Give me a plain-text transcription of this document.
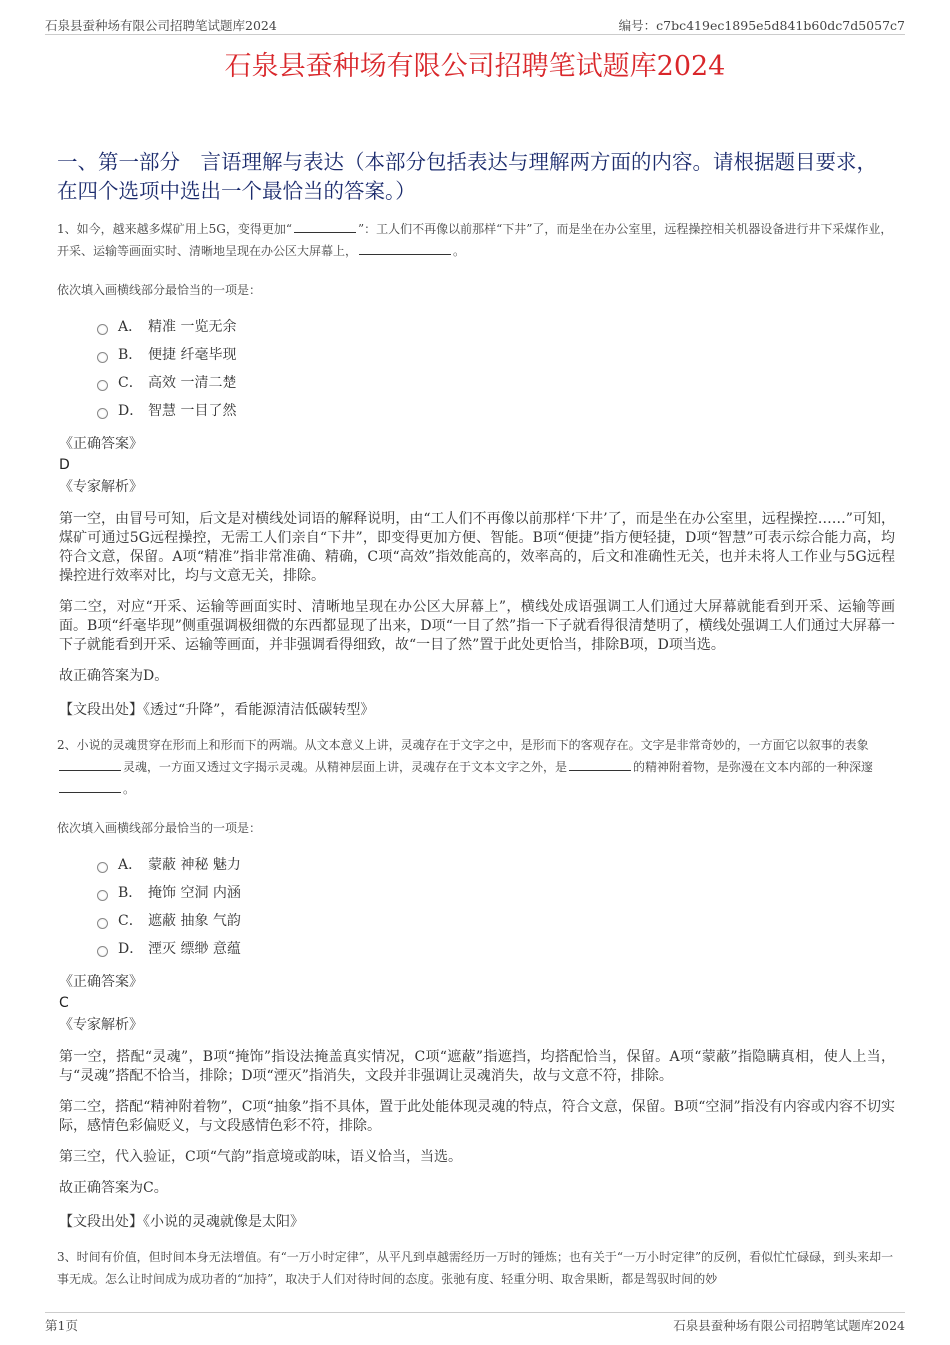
石泉县蚕种场有限公司招聘笔试题库2024	编号：c7bc419ec1895e5d841b60dc7d5057c7
石泉县蚕种场有限公司招聘笔试题库2024
一、第一部分　言语理解与表达（本部分包括表达与理解两方面的内容。请根据题目要求，在四个选项中选出一个最恰当的答案。）
1、如今，越来越多煤矿用上5G，变得更加“	”：工人们不再像以前那样“下井”了，而是坐在办公室里，远程操控相关机器设备进行井下采煤作业，开采、运输等画面实时、清晰地呈现在办公区大屏幕上，	。
依次填入画横线部分最恰当的一项是：
A． 精准 一览无余
B． 便捷 纤毫毕现
C． 高效 一清二楚
D． 智慧 一目了然
《正确答案》
D
《专家解析》
第一空，由冒号可知，后文是对横线处词语的解释说明，由“工人们不再像以前那样‘下井’了，而是坐在办公室里，远程操控……”可知，煤矿可通过5G远程操控，无需工人们亲自“下井”，即变得更加方便、智能。B项“便捷”指方便轻捷，D项“智慧”可表示综合能力高，均符合文意，保留。A项“精准”指非常准确、精确，C项“高效”指效能高的，效率高的，后文和准确性无关，也并未将人工作业与5G远程操控进行效率对比，均与文意无关，排除。
第二空，对应“开采、运输等画面实时、清晰地呈现在办公区大屏幕上”，横线处成语强调工人们通过大屏幕就能看到开采、运输等画面。B项“纤毫毕现”侧重强调极细微的东西都显现了出来，D项“一目了然”指一下子就看得很清楚明了，横线处强调工人们通过大屏幕一下子就能看到开采、运输等画面，并非强调看得细致，故“一目了然”置于此处更恰当，排除B项，D项当选。
故正确答案为D。
【文段出处】《透过“升降”，看能源清洁低碳转型》
2、小说的灵魂贯穿在形而上和形而下的两端。从文本意义上讲，灵魂存在于文字之中，是形而下的客观存在。文字是非常奇妙的，一方面它以叙事的表象灵魂，一方面又透过文字揭示灵魂。从精神层面上讲，灵魂存在于文本文字之外，是	的精神附着物，是弥漫在文本内部的一种深邃。
依次填入画横线部分最恰当的一项是：
A． 蒙蔽 神秘 魅力
B． 掩饰 空洞 内涵
C． 遮蔽 抽象 气韵
D． 湮灭 缥缈 意蕴
《正确答案》
C
《专家解析》
第一空，搭配“灵魂”，B项“掩饰”指设法掩盖真实情况，C项“遮蔽”指遮挡，均搭配恰当，保留。A项“蒙蔽”指隐瞒真相，使人上当，与“灵魂”搭配不恰当，排除；D项“湮灭”指消失，文段并非强调让灵魂消失，故与文意不符，排除。
第二空，搭配“精神附着物”，C项“抽象”指不具体，置于此处能体现灵魂的特点，符合文意，保留。B项“空洞”指没有内容或内容不切实际，感情色彩偏贬义，与文段感情色彩不符，排除。
第三空，代入验证，C项“气韵”指意境或韵味，语义恰当，当选。
故正确答案为C。
【文段出处】《小说的灵魂就像是太阳》
3、时间有价值，但时间本身无法增值。有“一万小时定律”，从平凡到卓越需经历一万时的锤炼；也有关于“一万小时定律”的反例，看似忙忙碌碌，到头来却一事无成。怎么让时间成为成功者的“加持”，取决于人们对待时间的态度。张驰有度、轻重分明、取舍果断，都是驾驭时间的妙
第1页	石泉县蚕种场有限公司招聘笔试题库2024
